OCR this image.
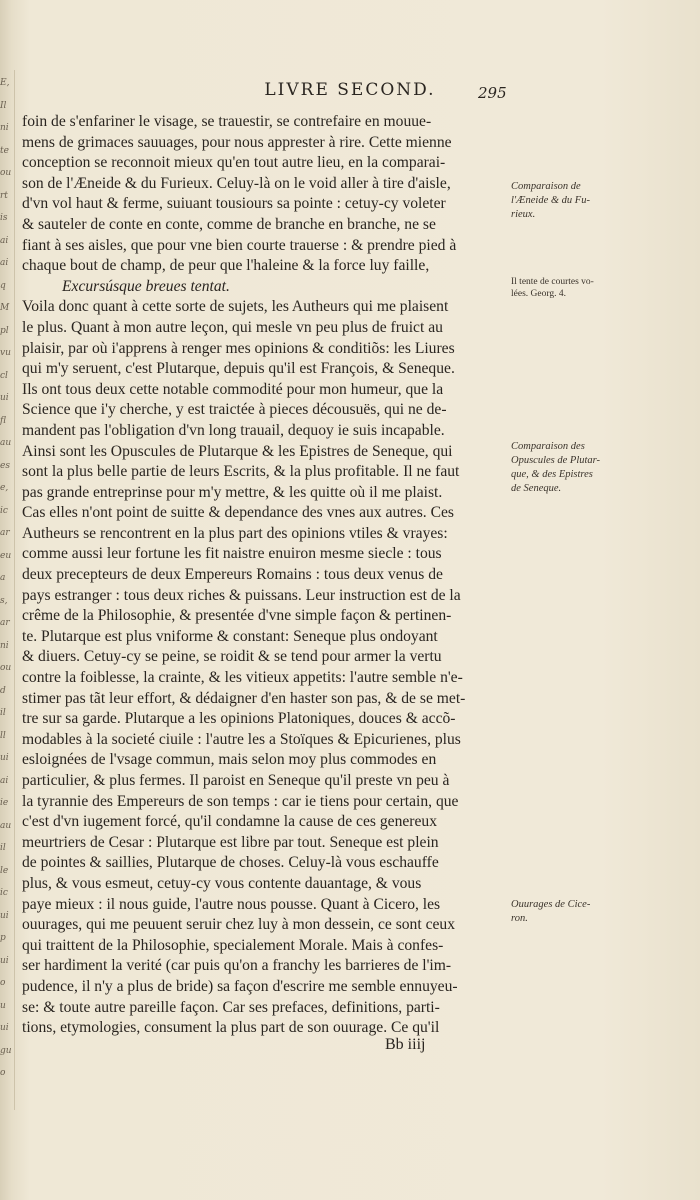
E,
Il
ni
te
ou
rt
is
ai
ai
q
M
pl
vu
cl
ui
fl
au
es
e,
ic
ar
eu
a
s,
ar
ni
ou
d
il
ll
ui
ai
ie
au
il
le
ic
ui
p
ui
o
u
ui
gu
o
LIVRE SECOND.	295
foin de s'enfariner le visage, se trauestir, se contrefaire en mouue-
mens de grimaces sauuages, pour nous apprester à rire. Cette mienne
conception se reconnoit mieux qu'en tout autre lieu, en la comparai-
son de l'Æneide & du Furieux. Celuy-là on le void aller à tire d'aisle,
d'vn vol haut & ferme, suiuant tousiours sa pointe : cetuy-cy voleter
& sauteler de conte en conte, comme de branche en branche, ne se
fiant à ses aisles, que pour vne bien courte trauerse : & prendre pied à
chaque bout de champ, de peur que l'haleine & la force luy faille,
Excursúsque breues tentat.
Voila donc quant à cette sorte de sujets, les Autheurs qui me plaisent
le plus. Quant à mon autre leçon, qui mesle vn peu plus de fruict au
plaisir, par où i'apprens à renger mes opinions & conditiõs: les Liures
qui m'y seruent, c'est Plutarque, depuis qu'il est François, & Seneque.
Ils ont tous deux cette notable commodité pour mon humeur, que la
Science que i'y cherche, y est traictée à pieces décousuës, qui ne de-
mandent pas l'obligation d'vn long trauail, dequoy ie suis incapable.
Ainsi sont les Opuscules de Plutarque & les Epistres de Seneque, qui
sont la plus belle partie de leurs Escrits, & la plus profitable. Il ne faut
pas grande entreprinse pour m'y mettre, & les quitte où il me plaist.
Cas elles n'ont point de suitte & dependance des vnes aux autres. Ces
Autheurs se rencontrent en la plus part des opinions vtiles & vrayes:
comme aussi leur fortune les fit naistre enuiron mesme siecle : tous
deux precepteurs de deux Empereurs Romains : tous deux venus de
pays estranger : tous deux riches & puissans. Leur instruction est de la
crême de la Philosophie, & presentée d'vne simple façon & pertinen-
te. Plutarque est plus vniforme & constant: Seneque plus ondoyant
& diuers. Cetuy-cy se peine, se roidit & se tend pour armer la vertu
contre la foiblesse, la crainte, & les vitieux appetits: l'autre semble n'e-
stimer pas tãt leur effort, & dédaigner d'en haster son pas, & de se met-
tre sur sa garde. Plutarque a les opinions Platoniques, douces & accõ-
modables à la societé ciuile : l'autre les a Stoïques & Epicurienes, plus
esloignées de l'vsage commun, mais selon moy plus commodes en
particulier, & plus fermes. Il paroist en Seneque qu'il preste vn peu à
la tyrannie des Empereurs de son temps : car ie tiens pour certain, que
c'est d'vn iugement forcé, qu'il condamne la cause de ces genereux
meurtriers de Cesar : Plutarque est libre par tout. Seneque est plein
de pointes & saillies, Plutarque de choses. Celuy-là vous eschauffe
plus, & vous esmeut, cetuy-cy vous contente dauantage, & vous
paye mieux : il nous guide, l'autre nous pousse. Quant à Cicero, les
ouurages, qui me peuuent seruir chez luy à mon dessein, ce sont ceux
qui traittent de la Philosophie, specialement Morale. Mais à confes-
ser hardiment la verité (car puis qu'on a franchy les barrieres de l'im-
pudence, il n'y a plus de bride) sa façon d'escrire me semble ennuyeu-
se: & toute autre pareille façon. Car ses prefaces, definitions, parti-
tions, etymologies, consument la plus part de son ouurage. Ce qu'il
Comparaison de
l'Æneide & du Fu-
rieux.
Il tente de courtes vo-
lées. Georg. 4.
Comparaison des
Opuscules de Plutar-
que, & des Epistres
de Seneque.
Ouurages de Cice-
ron.
Bb iiij
